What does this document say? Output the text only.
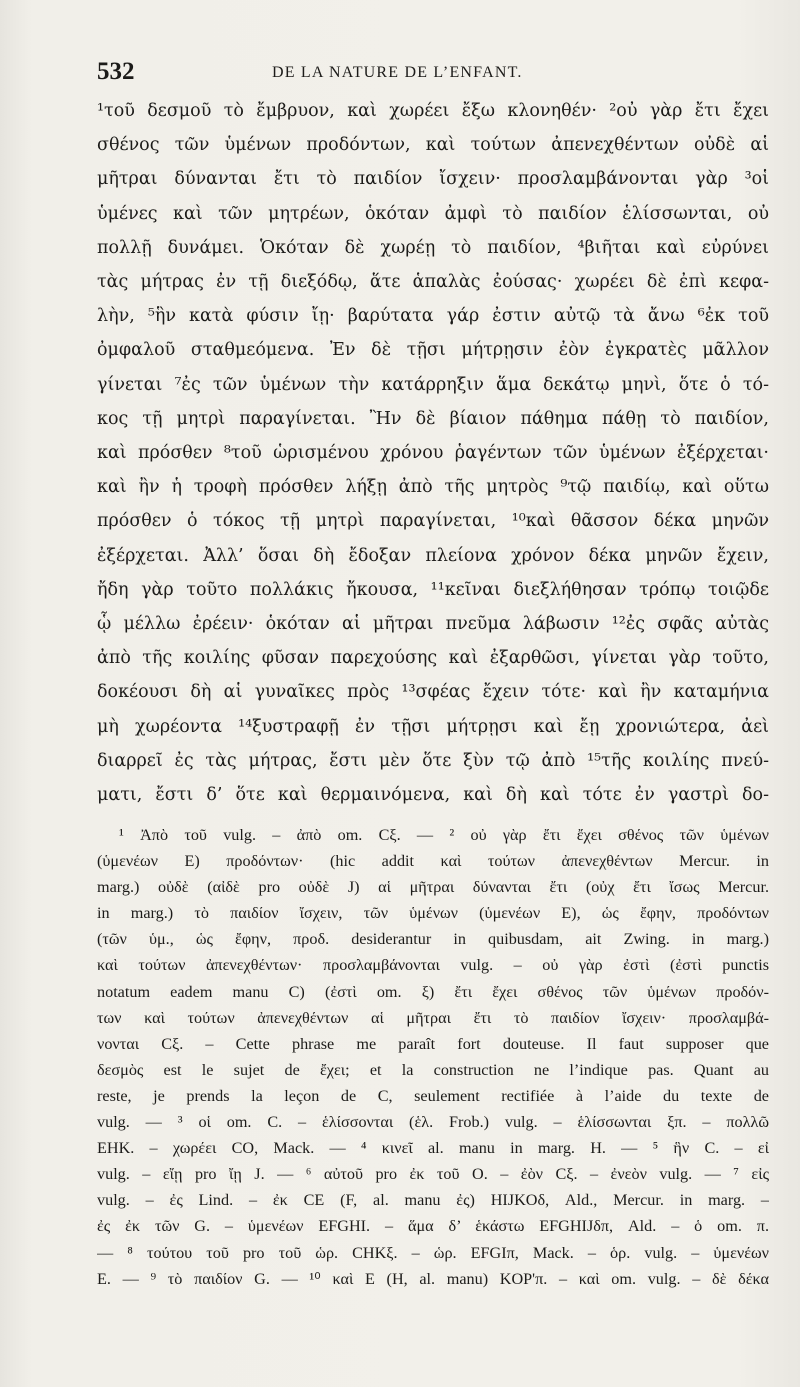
532	DE LA NATURE DE L’ENFANT.
¹τοῦ δεσμοῦ τὸ ἔμβρυον, καὶ χωρέει ἔξω κλονηθέν· ²οὐ γὰρ ἔτι ἔχει
σθένος τῶν ὑμένων προδόντων, καὶ τούτων ἀπενεχθέντων οὐδὲ αἱ
μῆτραι δύνανται ἔτι τὸ παιδίον ἴσχειν· προσλαμβάνονται γὰρ ³οἱ
ὑμένες καὶ τῶν μητρέων, ὁκόταν ἀμφὶ τὸ παιδίον ἑλίσσωνται, οὐ
πολλῇ δυνάμει. Ὁκόταν δὲ χωρέῃ τὸ παιδίον, ⁴βιῆται καὶ εὐρύνει
τὰς μήτρας ἐν τῇ διεξόδῳ, ἅτε ἁπαλὰς ἐούσας· χωρέει δὲ ἐπὶ κεφα-
λὴν, ⁵ἣν κατὰ φύσιν ἴῃ· βαρύτατα γάρ ἐστιν αὐτῷ τὰ ἄνω ⁶ἐκ τοῦ
ὀμφαλοῦ σταθμεόμενα. Ἐν δὲ τῇσι μήτρῃσιν ἐὸν ἐγκρατὲς μᾶλλον
γίνεται ⁷ἐς τῶν ὑμένων τὴν κατάρρηξιν ἅμα δεκάτῳ μηνὶ, ὅτε ὁ τό-
κος τῇ μητρὶ παραγίνεται. Ἢν δὲ βίαιον πάθημα πάθῃ τὸ παιδίον,
καὶ πρόσθεν ⁸τοῦ ὡρισμένου χρόνου ῥαγέντων τῶν ὑμένων ἐξέρχεται·
καὶ ἢν ἡ τροφὴ πρόσθεν λήξῃ ἀπὸ τῆς μητρὸς ⁹τῷ παιδίῳ, καὶ οὕτω
πρόσθεν ὁ τόκος τῇ μητρὶ παραγίνεται, ¹⁰καὶ θᾶσσον δέκα μηνῶν
ἐξέρχεται. Ἀλλ’ ὅσαι δὴ ἔδοξαν πλείονα χρόνον δέκα μηνῶν ἔχειν,
ἤδη γὰρ τοῦτο πολλάκις ἤκουσα, ¹¹κεῖναι διεξλήθησαν τρόπῳ τοιῷδε
ᾧ μέλλω ἐρέειν· ὁκόταν αἱ μῆτραι πνεῦμα λάβωσιν ¹²ἐς σφᾶς αὐτὰς
ἀπὸ τῆς κοιλίης φῦσαν παρεχούσης καὶ ἐξαρθῶσι, γίνεται γὰρ τοῦτο,
δοκέουσι δὴ αἱ γυναῖκες πρὸς ¹³σφέας ἔχειν τότε· καὶ ἢν καταμήνια
μὴ χωρέοντα ¹⁴ξυστραφῇ ἐν τῇσι μήτρῃσι καὶ ἔῃ χρονιώτερα, ἀεὶ
διαρρεῖ ἐς τὰς μήτρας, ἔστι μὲν ὅτε ξὺν τῷ ἀπὸ ¹⁵τῆς κοιλίης πνεύ-
ματι, ἔστι δ’ ὅτε καὶ θερμαινόμενα, καὶ δὴ καὶ τότε ἐν γαστρὶ δο-
¹ Ἀπὸ τοῦ vulg. – ἀπὸ om. Cξ. — ² οὐ γὰρ ἔτι ἔχει σθένος τῶν ὑμένων
(ὑμενέων E) προδόντων· (hic addit καὶ τούτων ἀπενεχθέντων Mercur. in
marg.) οὐδὲ (αἰδὲ pro οὐδὲ J) αἱ μῆτραι δύνανται ἔτι (οὐχ ἔτι ἴσως Mercur.
in marg.) τὸ παιδίον ἴσχειν, τῶν ὑμένων (ὑμενέων E), ὡς ἔφην, προδόντων
(τῶν ὑμ., ὡς ἔφην, προδ. desiderantur in quibusdam, ait Zwing. in marg.)
καὶ τούτων ἀπενεχθέντων· προσλαμβάνονται vulg. – οὐ γὰρ ἐστὶ (ἐστὶ punctis
notatum eadem manu C) (ἐστὶ om. ξ) ἔτι ἔχει σθένος τῶν ὑμένων προδόν-
των καὶ τούτων ἀπενεχθέντων αἱ μῆτραι ἔτι τὸ παιδίον ἴσχειν· προσλαμβά-
νονται Cξ. – Cette phrase me paraît fort douteuse. Il faut supposer que
δεσμὸς est le sujet de ἔχει; et la construction ne l’indique pas. Quant au
reste, je prends la leçon de C, seulement rectifiée à l’aide du texte de
vulg. — ³ οἱ om. C. – ἑλίσσονται (ἑλ. Frob.) vulg. – ἑλίσσωνται ξπ. – πολλῶ
EHK. – χωρέει CO, Mack. — ⁴ κινεῖ al. manu in marg. H. — ⁵ ἣν C. – εἰ
vulg. – εἴῃ pro ἴῃ J. — ⁶ αὐτοῦ pro ἐκ τοῦ O. – ἐὸν Cξ. – ἐνεὸν vulg. — ⁷ εἰς
vulg. – ἐς Lind. – ἐκ CE (F, al. manu ἐς) HIJKOδ, Ald., Mercur. in marg. –
ἐς ἐκ τῶν G. – ὑμενέων EFGHI. – ἅμα δ’ ἑκάστω EFGHIJδπ, Ald. – ὁ om. π.
— ⁸ τούτου τοῦ pro τοῦ ὡρ. CHKξ. – ὡρ. EFGIπ, Mack. – ὁρ. vulg. – ὑμενέων
E. — ⁹ τὸ παιδίον G. — ¹⁰ καὶ E (H, al. manu) KOP'π. – καὶ οm. vulg. – δὲ δέκα
